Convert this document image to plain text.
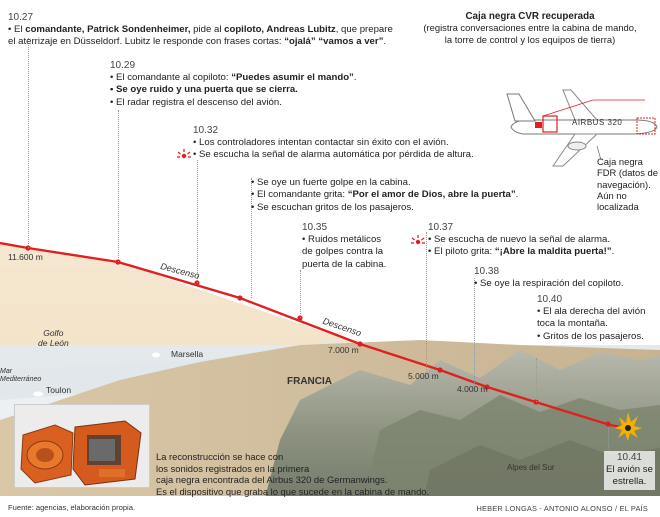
10.27
• El comandante, Patrick Sondenheimer, pide al copiloto, Andreas Lubitz, que prepare
el aterrizaje en Düsseldorf. Lubitz le responde con frases cortas: “ojalá” “vamos a ver”.
10.29
• El comandante al copiloto: “Puedes asumir el mando”.
• Se oye ruido y una puerta que se cierra.
• El radar registra el descenso del avión.
10.32
• Los controladores intentan contactar sin éxito con el avión.
• Se escucha la señal de alarma automática por pérdida de altura.
• Se oye un fuerte golpe en la cabina.
• El comandante grita: “Por el amor de Dios, abre la puerta”.
• Se escuchan gritos de los pasajeros.
10.35
• Ruidos metálicos
de golpes contra la
puerta de la cabina.
10.37
• Se escucha de nuevo la señal de alarma.
• El piloto grita: “¡Abre la maldita puerta!”.
10.38
• Se oye la respiración del copiloto.
10.40
• El ala derecha del avión
toca la montaña.
• Gritos de los pasajeros.
10.41
El avión se
estrella.
11.600 m
7.000 m
5.000 m
4.000 m
Descenso
Descenso
Golfo
de León
Mar
Mediterráneo
Marsella
Toulon
FRANCIA
Alpes del Sur
Caja negra CVR recuperada
(registra conversaciones entre la cabina de mando,
la torre de control y los equipos de tierra)
AIRBUS 320
Caja negra
FDR (datos de
navegación).
Aún no
localizada
La reconstrucción se hace con
los sonidos registrados en la primera
caja negra encontrada del Airbus 320 de Germanwings.
Es el dispositivo que graba lo que sucede en la cabina de mando.
Fuente: agencias, elaboración propia.	HEBER LONGAS - ANTONIO ALONSO / EL PAÍS
